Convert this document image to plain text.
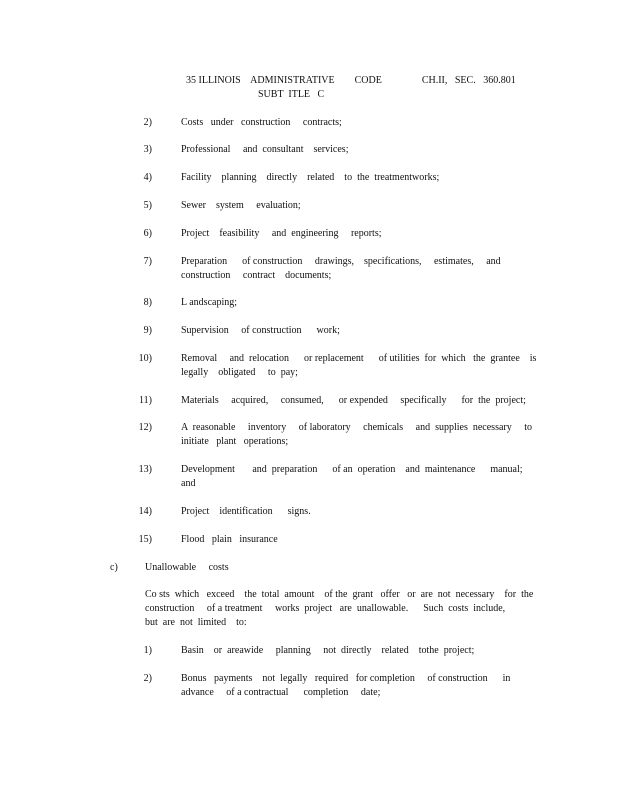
35 ILLINOIS    ADMINISTRATIVE        CODE                CH.II,   SEC.   360.801
SUBT  ITLE   C
2)	Costs   under   construction     contracts;
3)	Professional     and  consultant    services;
4)	Facility    planning    directly    related    to  the  treatmentworks;
5)	Sewer    system     evaluation;
6)	Project    feasibility     and  engineering     reports;
7)	Preparation      of construction     drawings,    specifications,     estimates,     and
construction     contract    documents;
8)	L andscaping;
9)	Supervision     of construction      work;
10)	Removal     and  relocation      or replacement      of utilities  for  which   the  grantee    is
legally    obligated     to  pay;
11)	Materials     acquired,     consumed,      or expended     specifically      for  the  project;
12)	A  reasonable     inventory     of laboratory     chemicals     and  supplies  necessary     to
initiate   plant   operations;
13)	Development       and  preparation      of an  operation    and  maintenance      manual;
and
14)	Project    identification      signs.
15)	Flood   plain   insurance
c)	Unallowable     costs
Co sts  which   exceed    the  total  amount    of the  grant   offer   or  are  not  necessary    for  the
construction     of a treatment     works  project   are  unallowable.      Such  costs  include,
but  are  not  limited    to:
1)	Basin    or  areawide     planning     not  directly    related    tothe  project;
2)	Bonus   payments    not  legally   required   for completion     of construction      in
advance     of a contractual      completion     date;
